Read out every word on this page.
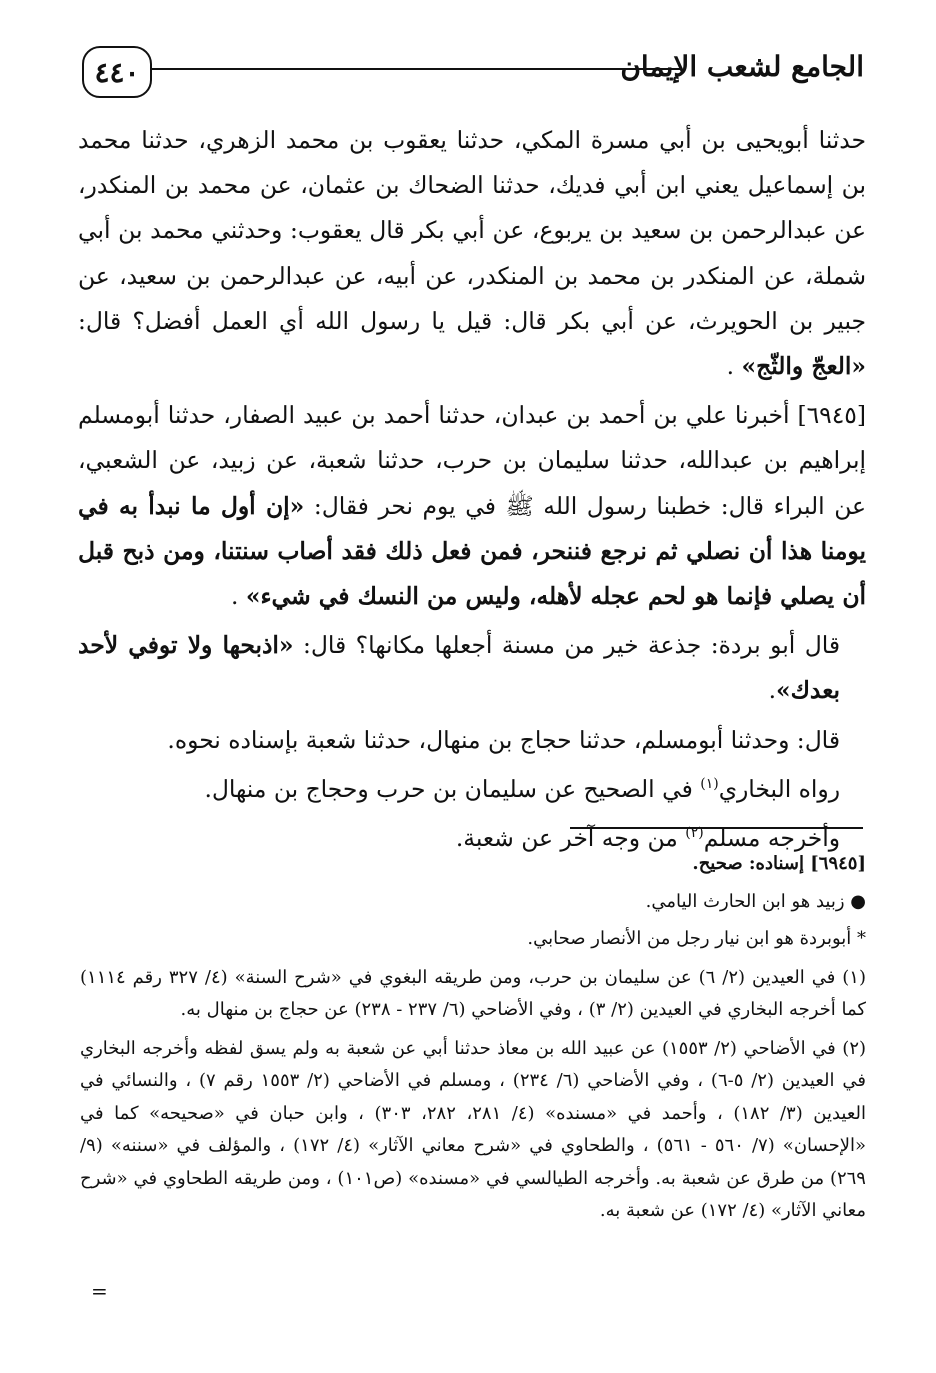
٤٤٠	الجامع لشعب الإيمان

حدثنا أبويحيى بن أبي مسرة المكي، حدثنا يعقوب بن محمد الزهري، حدثنا محمد بن إسماعيل يعني ابن أبي فديك، حدثنا الضحاك بن عثمان، عن محمد بن المنكدر، عن عبدالرحمن بن سعيد بن يربوع، عن أبي بكر قال يعقوب: وحدثني محمد بن أبي شملة، عن المنكدر بن محمد بن المنكدر، عن أبيه، عن عبدالرحمن بن سعيد، عن جبير بن الحويرث، عن أبي بكر قال: قيل يا رسول الله أي العمل أفضل؟ قال: «العجّ والثّج» .

[٦٩٤٥] أخبرنا علي بن أحمد بن عبدان، حدثنا أحمد بن عبيد الصفار، حدثنا أبومسلم إبراهيم بن عبدالله، حدثنا سليمان بن حرب، حدثنا شعبة، عن زبيد، عن الشعبي، عن البراء قال: خطبنا رسول الله ﷺ في يوم نحر فقال: «إن أول ما نبدأ به في يومنا هذا أن نصلي ثم نرجع فننحر، فمن فعل ذلك فقد أصاب سنتنا، ومن ذبح قبل أن يصلي فإنما هو لحم عجله لأهله، وليس من النسك في شيء» .

قال أبو بردة: جذعة خير من مسنة أجعلها مكانها؟ قال: «اذبحها ولا توفي لأحد بعدك».

قال: وحدثنا أبومسلم، حدثنا حجاج بن منهال، حدثنا شعبة بإسناده نحوه.

رواه البخاري$^{(١)}$ في الصحيح عن سليمان بن حرب وحجاج بن منهال.

وأخرجه مسلم$^{(٢)}$ من وجه آخر عن شعبة.

[٦٩٤٥] إسناده: صحيح.

● زبيد هو ابن الحارث اليامي.

* أبوبردة هو ابن نيار رجل من الأنصار صحابي.

(١) في العيدين (٢/ ٦) عن سليمان بن حرب، ومن طريقه البغوي في «شرح السنة» (٤/ ٣٢٧ رقم ١١١٤) كما أخرجه البخاري في العيدين (٢/ ٣) ، وفي الأضاحي (٦/ ٢٣٧ - ٢٣٨) عن حجاج بن منهال به.

(٢) في الأضاحي (٢/ ١٥٥٣) عن عبيد الله بن معاذ حدثنا أبي عن شعبة به ولم يسق لفظه وأخرجه البخاري في العيدين (٢/ ٥-٦) ، وفي الأضاحي (٦/ ٢٣٤) ، ومسلم في الأضاحي (٢/ ١٥٥٣ رقم ٧) ، والنسائي في العيدين (٣/ ١٨٢) ، وأحمد في «مسنده» (٤/ ٢٨١، ٢٨٢، ٣٠٣) ، وابن حبان في «صحيحه» كما في «الإحسان» (٧/ ٥٦٠ - ٥٦١) ، والطحاوي في «شرح معاني الآثار» (٤/ ١٧٢) ، والمؤلف في «سننه» (٩/ ٢٦٩) من طرق عن شعبة به. وأخرجه الطيالسي في «مسنده» (ص١٠١) ، ومن طريقه الطحاوي في «شرح معاني الآثار» (٤/ ١٧٢) عن شعبة به.

=
